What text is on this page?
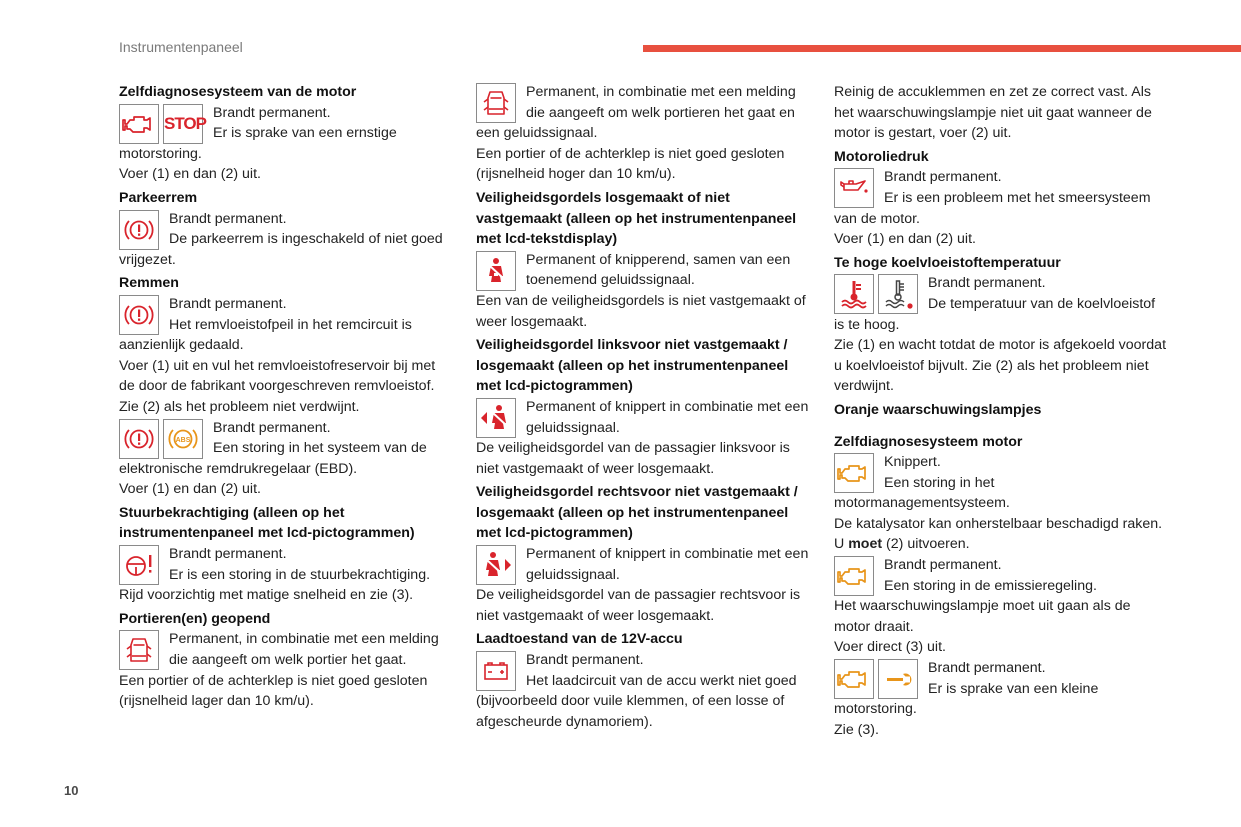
Instrumentenpaneel
Zelfdiagnosesysteem van de motor
STOP
Brandt permanent.
Er is sprake van een ernstige motorstoring.
Voer (1) en dan (2) uit.
Parkeerrem
Brandt permanent.
De parkeerrem is ingeschakeld of niet goed vrijgezet.
Remmen
Brandt permanent.
Het remvloeistofpeil in het remcircuit is aanzienlijk gedaald.
Voer (1) uit en vul het remvloeistofreservoir bij met de door de fabrikant voorgeschreven remvloeistof.
Zie (2) als het probleem niet verdwijnt.
ABS
Brandt permanent.
Een storing in het systeem van de elektronische remdrukregelaar (EBD).
Voer (1) en dan (2) uit.
Stuurbekrachtiging (alleen op het instrumentenpaneel met lcd-pictogrammen)
Brandt permanent.
Er is een storing in de stuurbekrachtiging.
Rijd voorzichtig met matige snelheid en zie (3).
Portieren(en) geopend
Permanent, in combinatie met een melding die aangeeft om welk portier het gaat.
Een portier of de achterklep is niet goed gesloten (rijsnelheid lager dan 10 km/u).
Permanent, in combinatie met een melding die aangeeft om welk portieren het gaat en een geluidssignaal.
Een portier of de achterklep is niet goed gesloten (rijsnelheid hoger dan 10 km/u).
Veiligheidsgordels losgemaakt of niet vastgemaakt (alleen op het instrumentenpaneel met lcd-tekstdisplay)
Permanent of knipperend, samen van een toenemend geluidssignaal.
Een van de veiligheidsgordels is niet vastgemaakt of weer losgemaakt.
Veiligheidsgordel linksvoor niet vastgemaakt / losgemaakt (alleen op het instrumentenpaneel met lcd-pictogrammen)
Permanent of knippert in combinatie met een geluidssignaal.
De veiligheidsgordel van de passagier linksvoor is niet vastgemaakt of weer losgemaakt.
Veiligheidsgordel rechtsvoor niet vastgemaakt / losgemaakt (alleen op het instrumentenpaneel met lcd-pictogrammen)
Permanent of knippert in combinatie met een geluidssignaal.
De veiligheidsgordel van de passagier rechtsvoor is niet vastgemaakt of weer losgemaakt.
Laadtoestand van de 12V-accu
Brandt permanent.
Het laadcircuit van de accu werkt niet goed (bijvoorbeeld door vuile klemmen, of een losse of afgescheurde dynamoriem).
Reinig de accuklemmen en zet ze correct vast. Als het waarschuwingslampje niet uit gaat wanneer de motor is gestart, voer (2) uit.
Motoroliedruk
Brandt permanent.
Er is een probleem met het smeersysteem van de motor.
Voer (1) en dan (2) uit.
Te hoge koelvloeistoftemperatuur
Brandt permanent.
De temperatuur van de koelvloeistof is te hoog.
Zie (1) en wacht totdat de motor is afgekoeld voordat u koelvloeistof bijvult. Zie (2) als het probleem niet verdwijnt.
Oranje waarschuwingslampjes
Zelfdiagnosesysteem motor
Knippert.
Een storing in het motormanagementsysteem.
De katalysator kan onherstelbaar beschadigd raken.
U moet (2) uitvoeren.
Brandt permanent.
Een storing in de emissieregeling.
Het waarschuwingslampje moet uit gaan als de motor draait.
Voer direct (3) uit.
Brandt permanent.
Er is sprake van een kleine motorstoring.
Zie (3).
10
